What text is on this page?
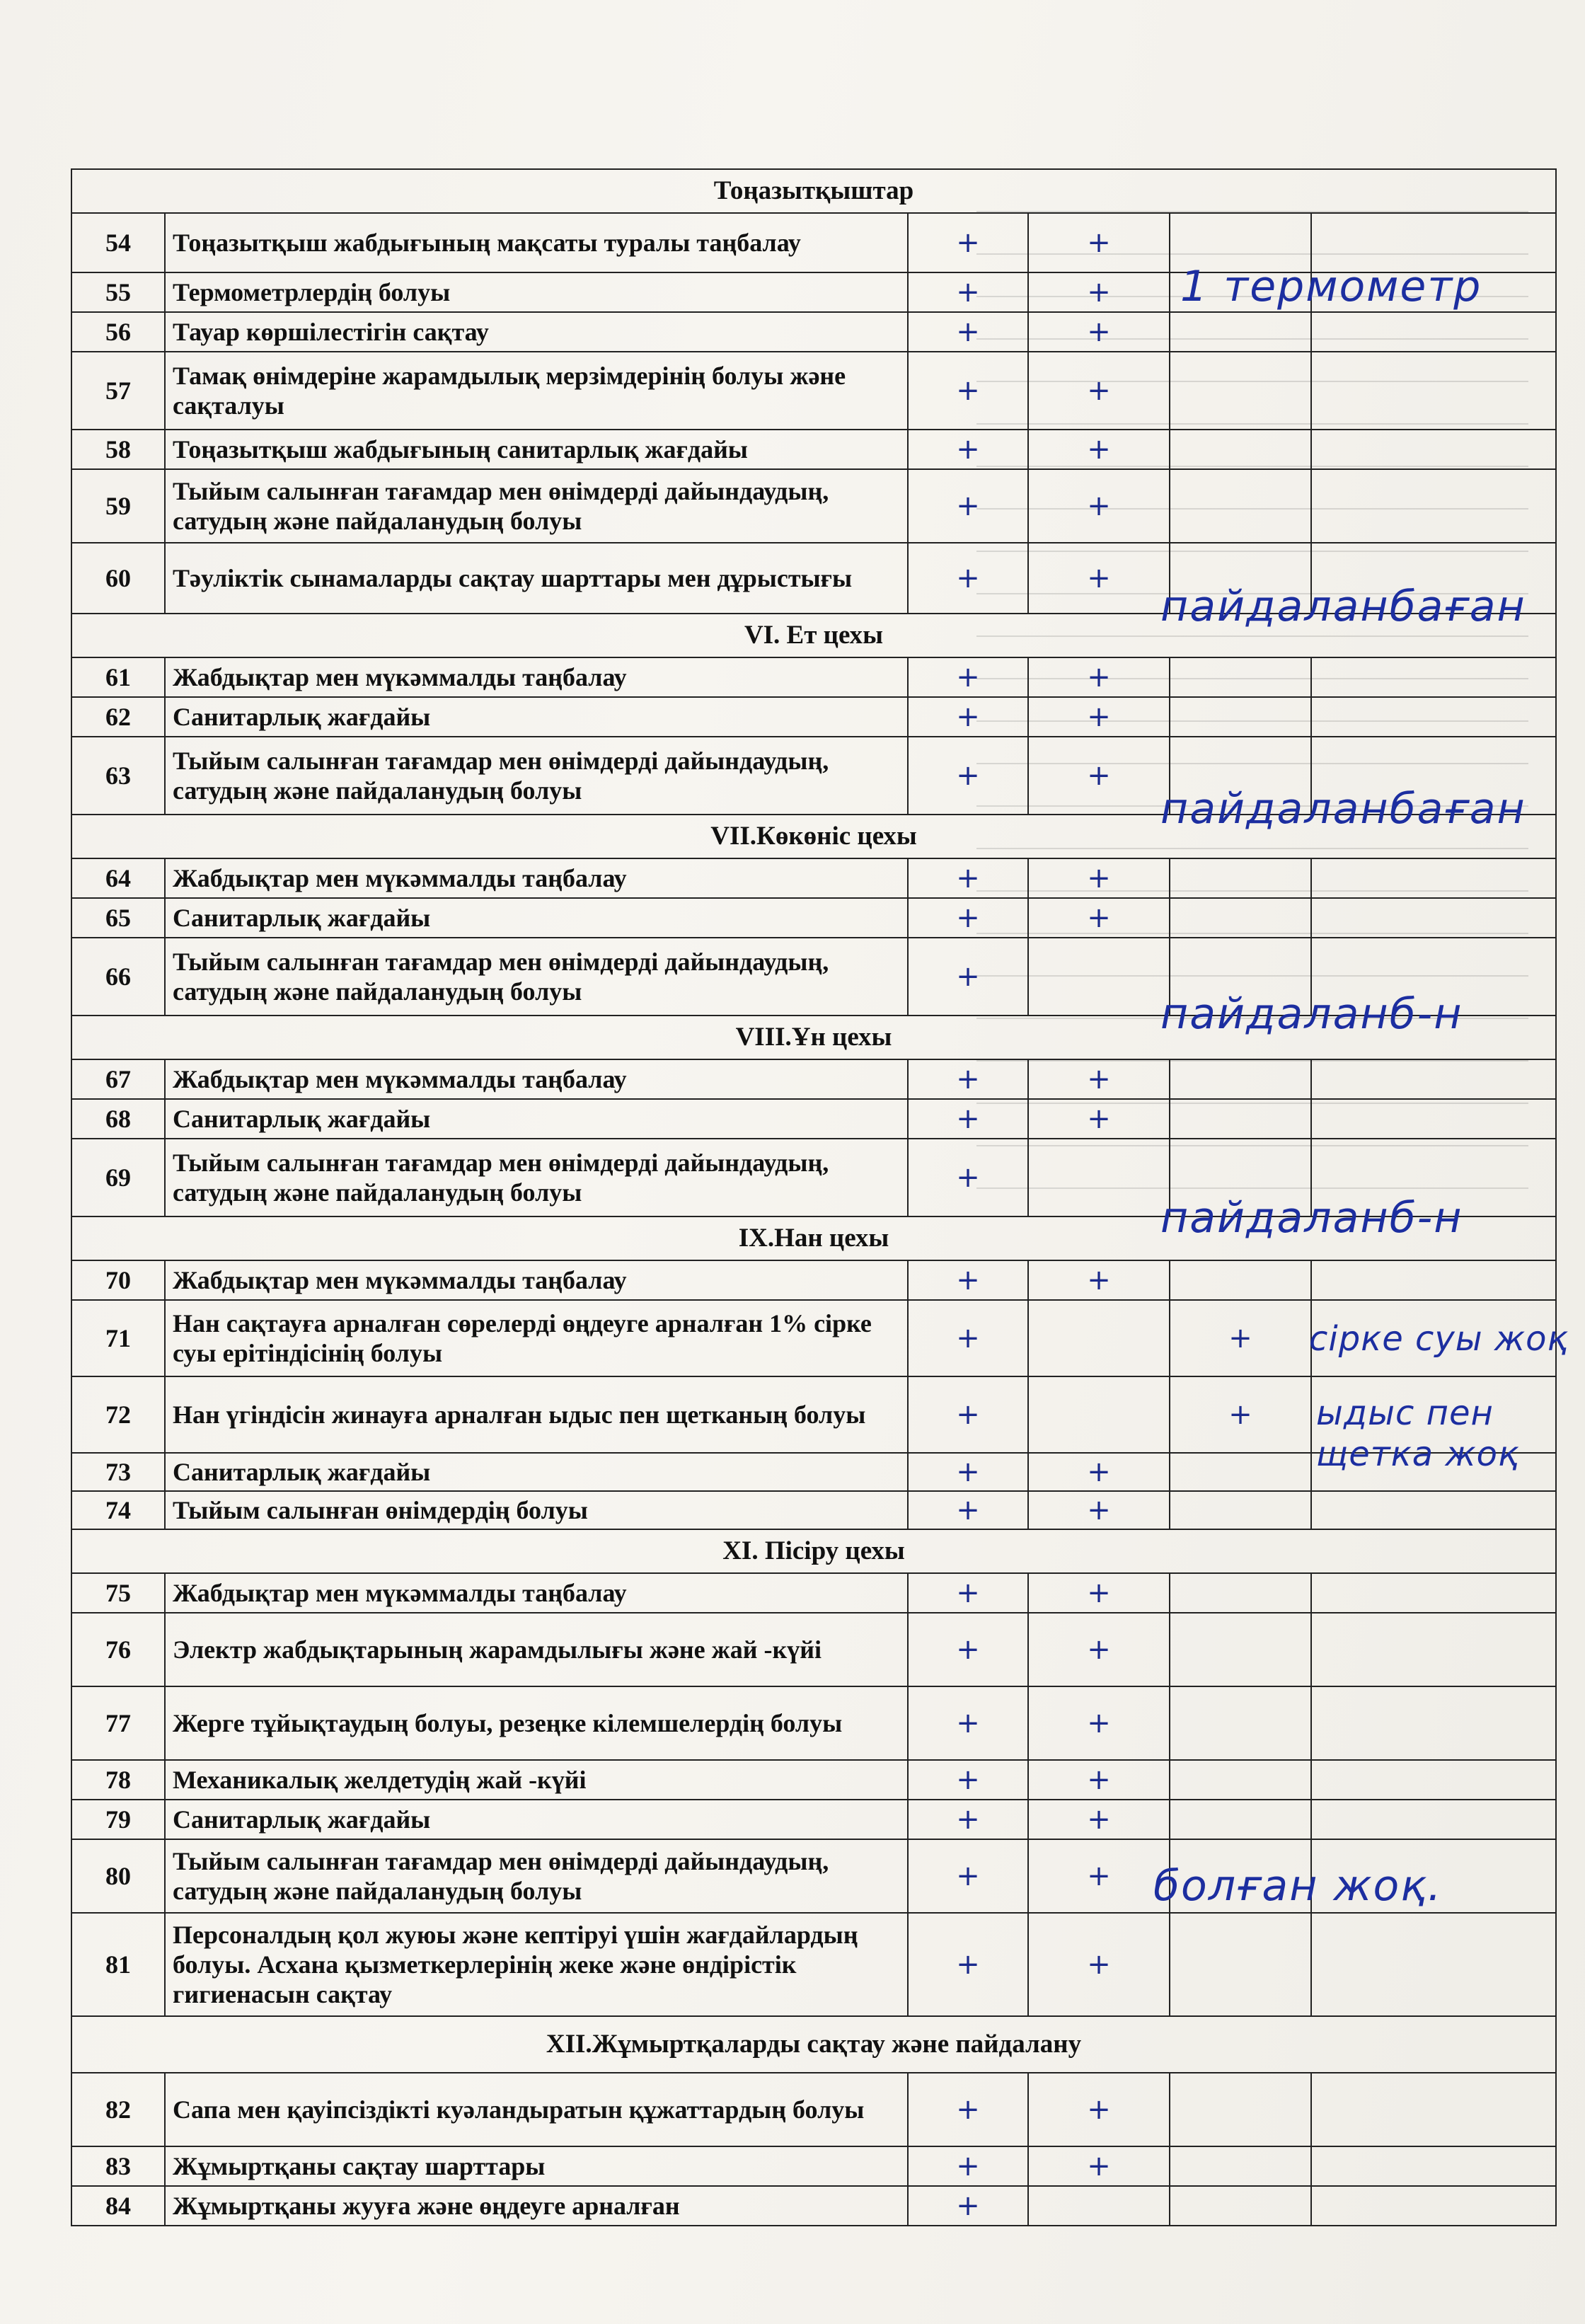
Тоңазытқыштар					
54	Тоңазытқыш жабдығының мақсаты туралы таңбалау	+	+		
55	Термометрлердің болуы	+	+		
56	Тауар көршілестігін сақтау	+	+		
57	Тамақ өнімдеріне жарамдылық мерзімдерінің болуы және сақталуы	+	+		
58	Тоңазытқыш жабдығының санитарлық жағдайы	+	+		
59	Тыйым салынған тағамдар мен өнімдерді дайындаудың, сатудың және пайдаланудың болуы	+	+		
60	Тәуліктік сынамаларды сақтау шарттары мен дұрыстығы	+	+		
VI. Ет цехы					
61	Жабдықтар мен мүкәммалды таңбалау	+	+		
62	Санитарлық жағдайы	+	+		
63	Тыйым салынған тағамдар мен өнімдерді дайындаудың, сатудың және пайдаланудың болуы	+	+		
VII.Көкөніс цехы					
64	Жабдықтар мен мүкәммалды таңбалау	+	+		
65	Санитарлық жағдайы	+	+		
66	Тыйым салынған тағамдар мен өнімдерді дайындаудың, сатудың және пайдаланудың болуы	+			
VIII.Ұн цехы					
67	Жабдықтар мен мүкәммалды таңбалау	+	+		
68	Санитарлық жағдайы	+	+		
69	Тыйым салынған тағамдар мен өнімдерді дайындаудың, сатудың және пайдаланудың болуы	+			
IX.Нан цехы					
70	Жабдықтар мен мүкәммалды таңбалау	+	+		
71	Нан сақтауға арналған сөрелерді өңдеуге арналған 1% сірке суы ерітіндісінің болуы	+		+	
72	Нан үгіндісін жинауға арналған ыдыс пен щетканың болуы	+		+	
73	Санитарлық жағдайы	+	+		
74	Тыйым салынған өнімдердің болуы	+	+		
XI. Пісіру цехы					
75	Жабдықтар мен мүкәммалды таңбалау	+	+		
76	Электр жабдықтарының жарамдылығы және жай -күйі	+	+		
77	Жерге тұйықтаудың болуы, резеңке кілемшелердің болуы	+	+		
78	Механикалық желдетудің жай -күйі	+	+		
79	Санитарлық жағдайы	+	+		
80	Тыйым салынған тағамдар мен өнімдерді дайындаудың, сатудың және пайдаланудың болуы	+	+		
81	Персоналдың қол жуюы және кептіруі үшін жағдайлардың болуы. Асхана қызметкерлерінің жеке және өндірістік гигиенасын сақтау	+	+		
XII.Жұмыртқаларды сақтау және пайдалану					
82	Сапа мен қауіпсіздікті куәландыратын құжаттардың болуы	+	+		
83	Жұмыртқаны сақтау шарттары	+	+		
84	Жұмыртқаны жууға және өңдеуге арналған	+			
1 термометр
пайдаланбаған
пайдаланбаған
пайдаланб-н
пайдаланб-н
сірке суы жоқ
ыдыс пен щетка жоқ
болған жоқ.
